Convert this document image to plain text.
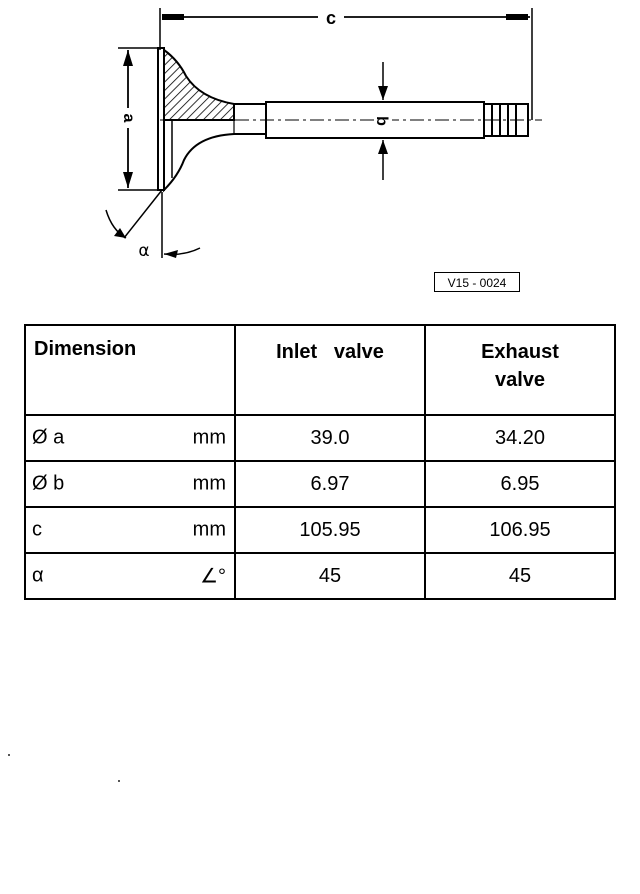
c
a	b
α
V15 - 0024
Dimension	Inlet   valve	Exhaust valve

Ø a mm	39.0	34.20

Ø b mm	6.97	6.95

c mm	105.95	106.95

α ∠°	45	45
